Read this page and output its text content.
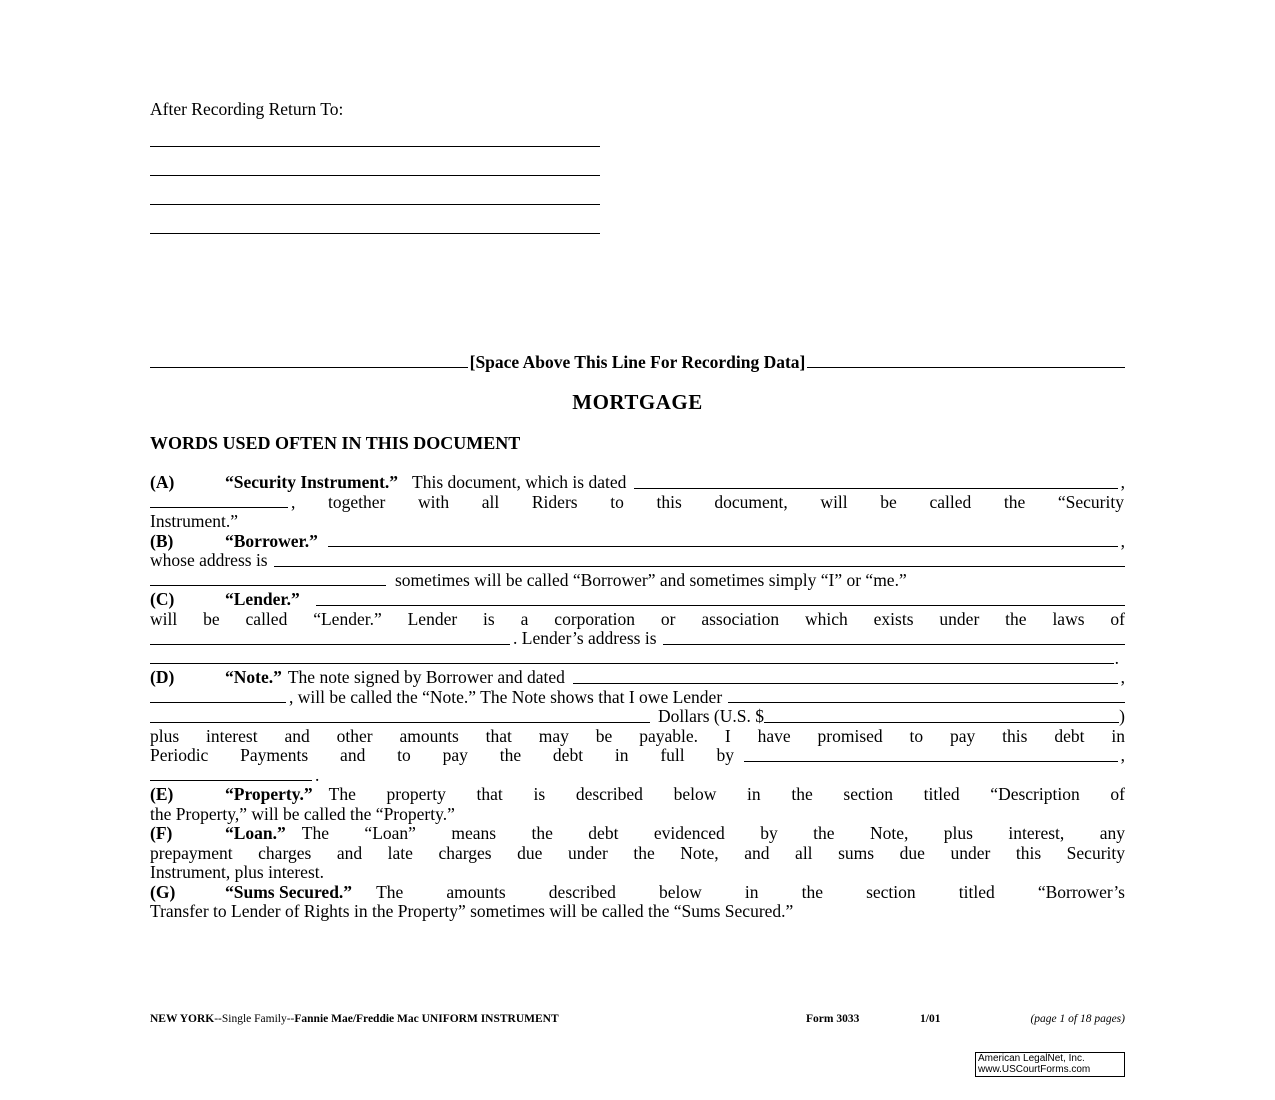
After Recording Return To:
[Space Above This Line For Recording Data]
MORTGAGE
WORDS USED OFTEN IN THIS DOCUMENT
(A)	“Security Instrument.” This document, which is dated	,
, together with all Riders to this document, will be called the “Security
Instrument.”
(B)	“Borrower.”	,
whose address is
sometimes will be called “Borrower” and sometimes simply “I” or “me.”
(C)	“Lender.”
will be called “Lender.” Lender is a corporation or association which exists under the laws of
. Lender’s address is
.
(D)	“Note.” The note signed by Borrower and dated	,
, will be called the “Note.” The Note shows that I owe Lender
Dollars (U.S. $	)
plus interest and other amounts that may be payable. I have promised to pay this debt in
Periodic Payments and to pay the debt in full by	,
.
(E)	“Property.” The property that is described below in the section titled “Description of
the Property,” will be called the “Property.”
(F)	“Loan.” The “Loan” means the debt evidenced by the Note, plus interest, any
prepayment charges and late charges due under the Note, and all sums due under this Security
Instrument, plus interest.
(G)	“Sums Secured.” The amounts described below in the section titled “Borrower’s
Transfer to Lender of Rights in the Property” sometimes will be called the “Sums Secured.”
NEW YORK--Single Family--Fannie Mae/Freddie Mac UNIFORM INSTRUMENT	Form 3033	1/01	(page 1 of 18 pages)
American LegalNet, Inc.
www.USCourtForms.com
